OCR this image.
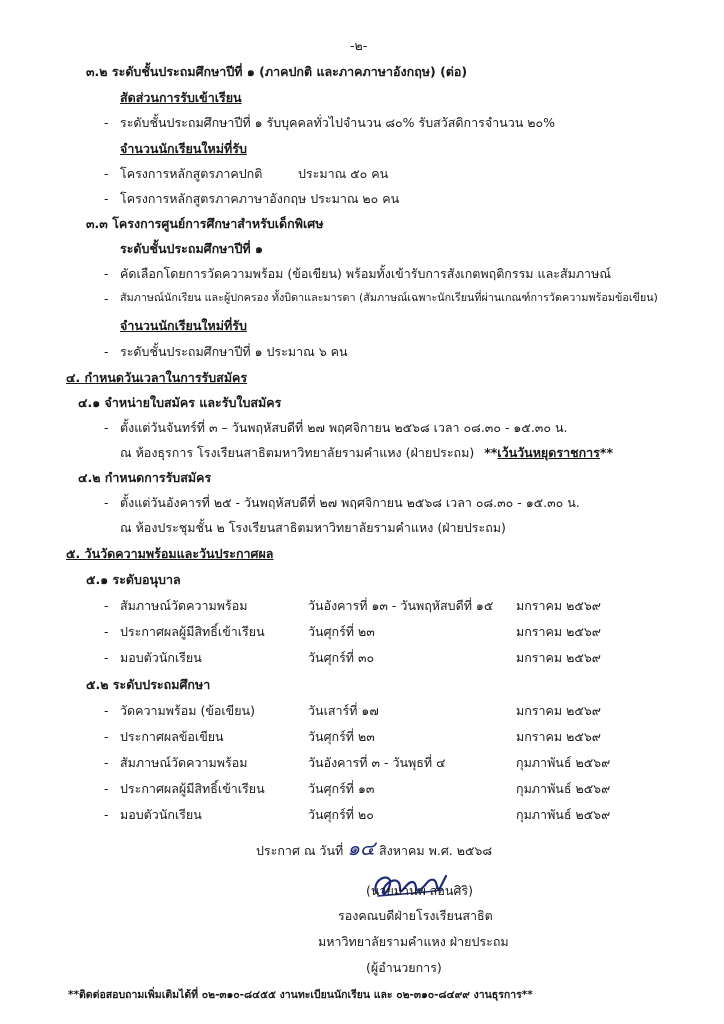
-๒-
๓.๒ ระดับชั้นประถมศึกษาปีที่ ๑ (ภาคปกติ และภาคภาษาอังกฤษ) (ต่อ)
สัดส่วนการรับเข้าเรียน
- ระดับชั้นประถมศึกษาปีที่ ๑ รับบุคคลทั่วไปจำนวน ๘๐% รับสวัสดิการจำนวน ๒๐%
จำนวนนักเรียนใหม่ที่รับ
- โครงการหลักสูตรภาคปกติ	ประมาณ ๕๐ คน
- โครงการหลักสูตรภาคภาษาอังกฤษ ประมาณ ๒๐ คน
๓.๓ โครงการศูนย์การศึกษาสำหรับเด็กพิเศษ
ระดับชั้นประถมศึกษาปีที่ ๑
- คัดเลือกโดยการวัดความพร้อม (ข้อเขียน) พร้อมทั้งเข้ารับการสังเกตพฤติกรรม และสัมภาษณ์
- สัมภาษณ์นักเรียน และผู้ปกครอง ทั้งบิดาและมารดา (สัมภาษณ์เฉพาะนักเรียนที่ผ่านเกณฑ์การวัดความพร้อมข้อเขียน)
จำนวนนักเรียนใหม่ที่รับ
- ระดับชั้นประถมศึกษาปีที่ ๑ ประมาณ ๖ คน
๔. กำหนดวันเวลาในการรับสมัคร
๔.๑ จำหน่ายใบสมัคร และรับใบสมัคร
- ตั้งแต่วันจันทร์ที่ ๓ – วันพฤหัสบดีที่ ๒๗ พฤศจิกายน ๒๕๖๘ เวลา ๐๘.๓๐ - ๑๕.๓๐ น.
ณ ห้องธุรการ โรงเรียนสาธิตมหาวิทยาลัยรามคำแหง (ฝ่ายประถม) **เว้นวันหยุดราชการ**
๔.๒ กำหนดการรับสมัคร
- ตั้งแต่วันอังคารที่ ๒๕ - วันพฤหัสบดีที่ ๒๗ พฤศจิกายน ๒๕๖๘ เวลา ๐๘.๓๐ - ๑๕.๓๐ น.
ณ ห้องประชุมชั้น ๒ โรงเรียนสาธิตมหาวิทยาลัยรามคำแหง (ฝ่ายประถม)
๕. วันวัดความพร้อมและวันประกาศผล
๕.๑ ระดับอนุบาล
- สัมภาษณ์วัดความพร้อม	วันอังคารที่ ๑๓ - วันพฤหัสบดีที่ ๑๕ มกราคม ๒๕๖๙
- ประกาศผลผู้มีสิทธิ์เข้าเรียน	วันศุกร์ที่ ๒๓	มกราคม ๒๕๖๙
- มอบตัวนักเรียน	วันศุกร์ที่ ๓๐	มกราคม ๒๕๖๙
๕.๒ ระดับประถมศึกษา
- วัดความพร้อม (ข้อเขียน)	วันเสาร์ที่ ๑๗	มกราคม ๒๕๖๙
- ประกาศผลข้อเขียน	วันศุกร์ที่ ๒๓	มกราคม ๒๕๖๙
- สัมภาษณ์วัดความพร้อม	วันอังคารที่ ๓ - วันพุธที่ ๔	กุมภาพันธ์ ๒๕๖๙
- ประกาศผลผู้มีสิทธิ์เข้าเรียน	วันศุกร์ที่ ๑๓	กุมภาพันธ์ ๒๕๖๙
- มอบตัวนักเรียน	วันศุกร์ที่ ๒๐	กุมภาพันธ์ ๒๕๖๙
ประกาศ ณ วันที่ ๑๔ สิงหาคม พ.ศ. ๒๕๖๘
(นายมานพ สอนศิริ)
รองคณบดีฝ่ายโรงเรียนสาธิต
มหาวิทยาลัยรามคำแหง ฝ่ายประถม
(ผู้อำนวยการ)
**ติดต่อสอบถามเพิ่มเติมได้ที่ ๐๒-๓๑๐-๘๔๕๕ งานทะเบียนนักเรียน และ ๐๒-๓๑๐-๘๔๙๙ งานธุรการ**
